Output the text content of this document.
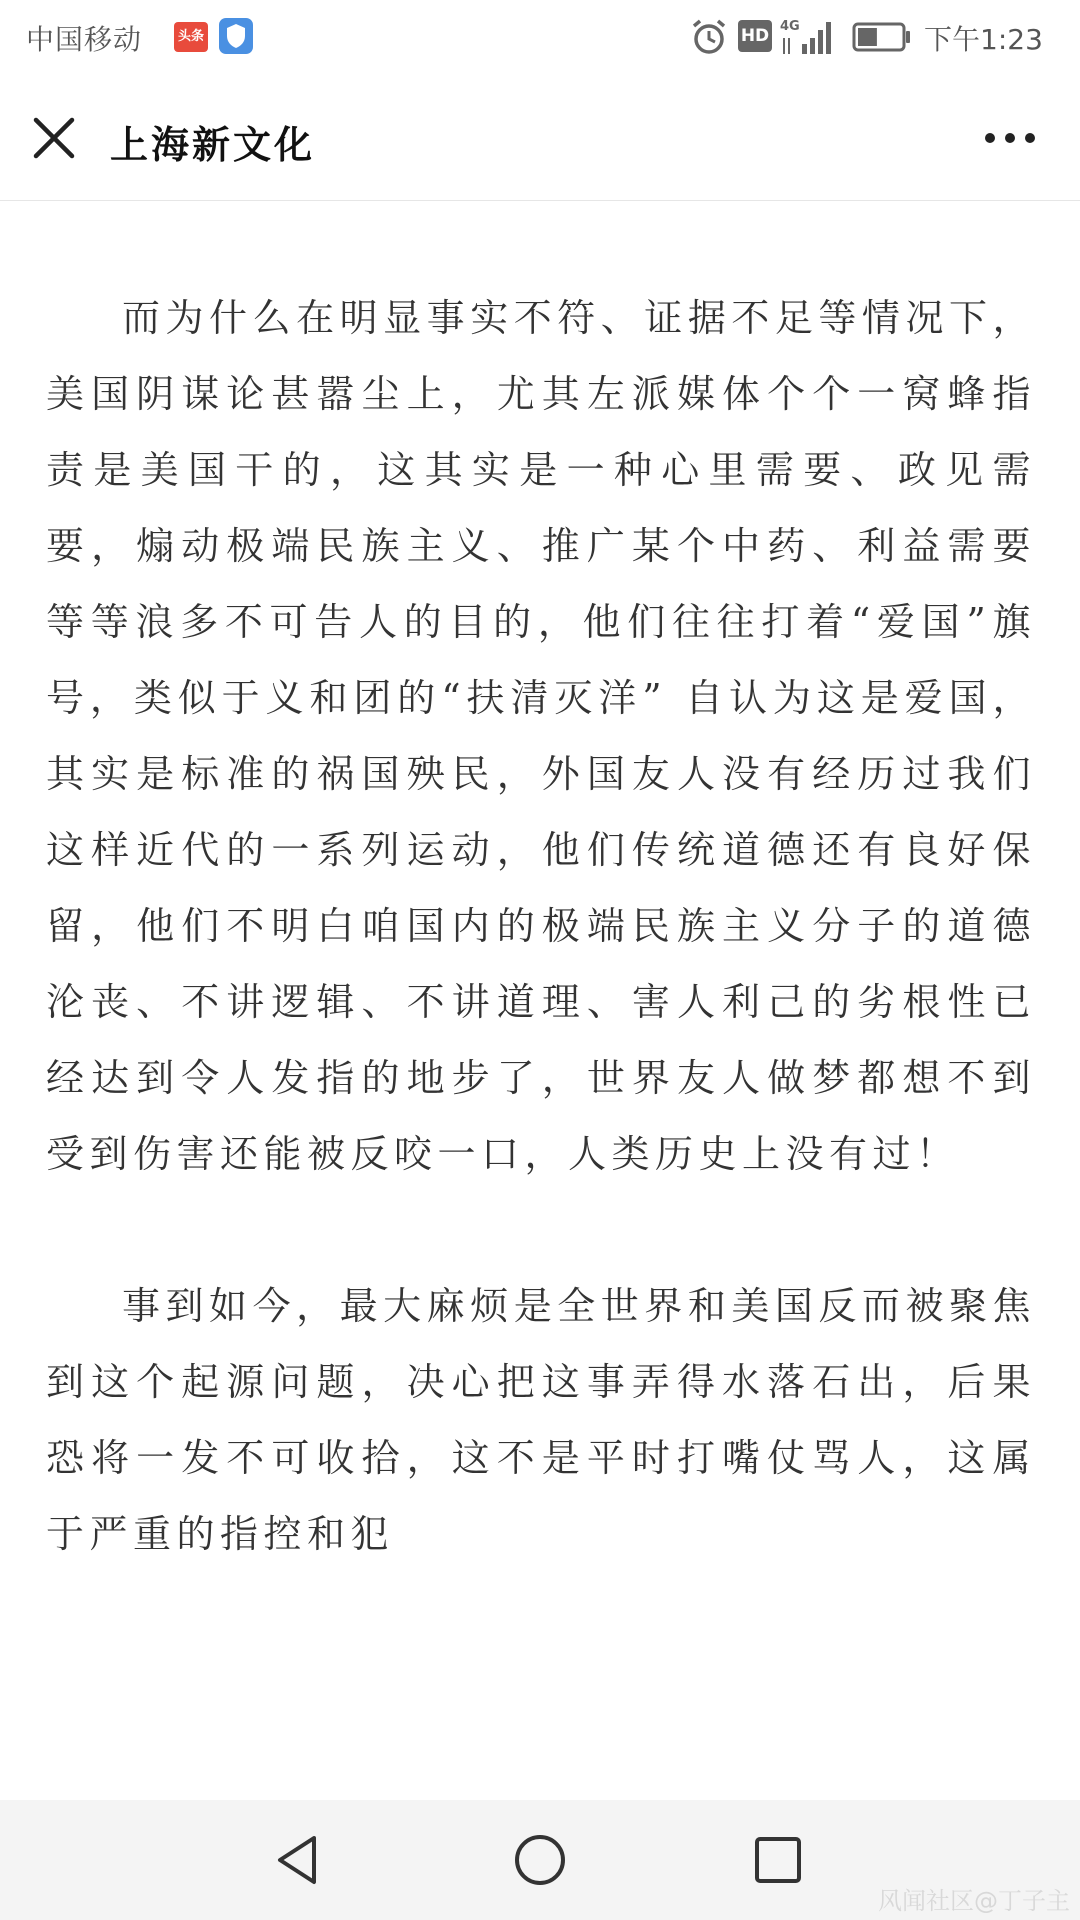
中国移动	头条	HD 4G	下午1:23
上海新文化

而为什么在明显事实不符、证据不足等情况下，美国阴谋论甚嚣尘上，尤其左派媒体个个一窝蜂指责是美国干的，这其实是一种心里需要、政见需要，煽动极端民族主义、推广某个中药、利益需要等等浪多不可告人的目的，他们往往打着“爱国”旗号，类似于义和团的“扶清灭洋” 自认为这是爱国，其实是标准的祸国殃民，外国友人没有经历过我们这样近代的一系列运动，他们传统道德还有良好保留，他们不明白咱国内的极端民族主义分子的道德沦丧、不讲逻辑、不讲道理、害人利己的劣根性已经达到令人发指的地步了，世界友人做梦都想不到受到伤害还能被反咬一口，人类历史上没有过！

事到如今，最大麻烦是全世界和美国反而被聚焦到这个起源问题，决心把这事弄得水落石出，后果恐将一发不可收拾，这不是平时打嘴仗骂人，这属于严重的指控和犯

风闻社区@丁子主
